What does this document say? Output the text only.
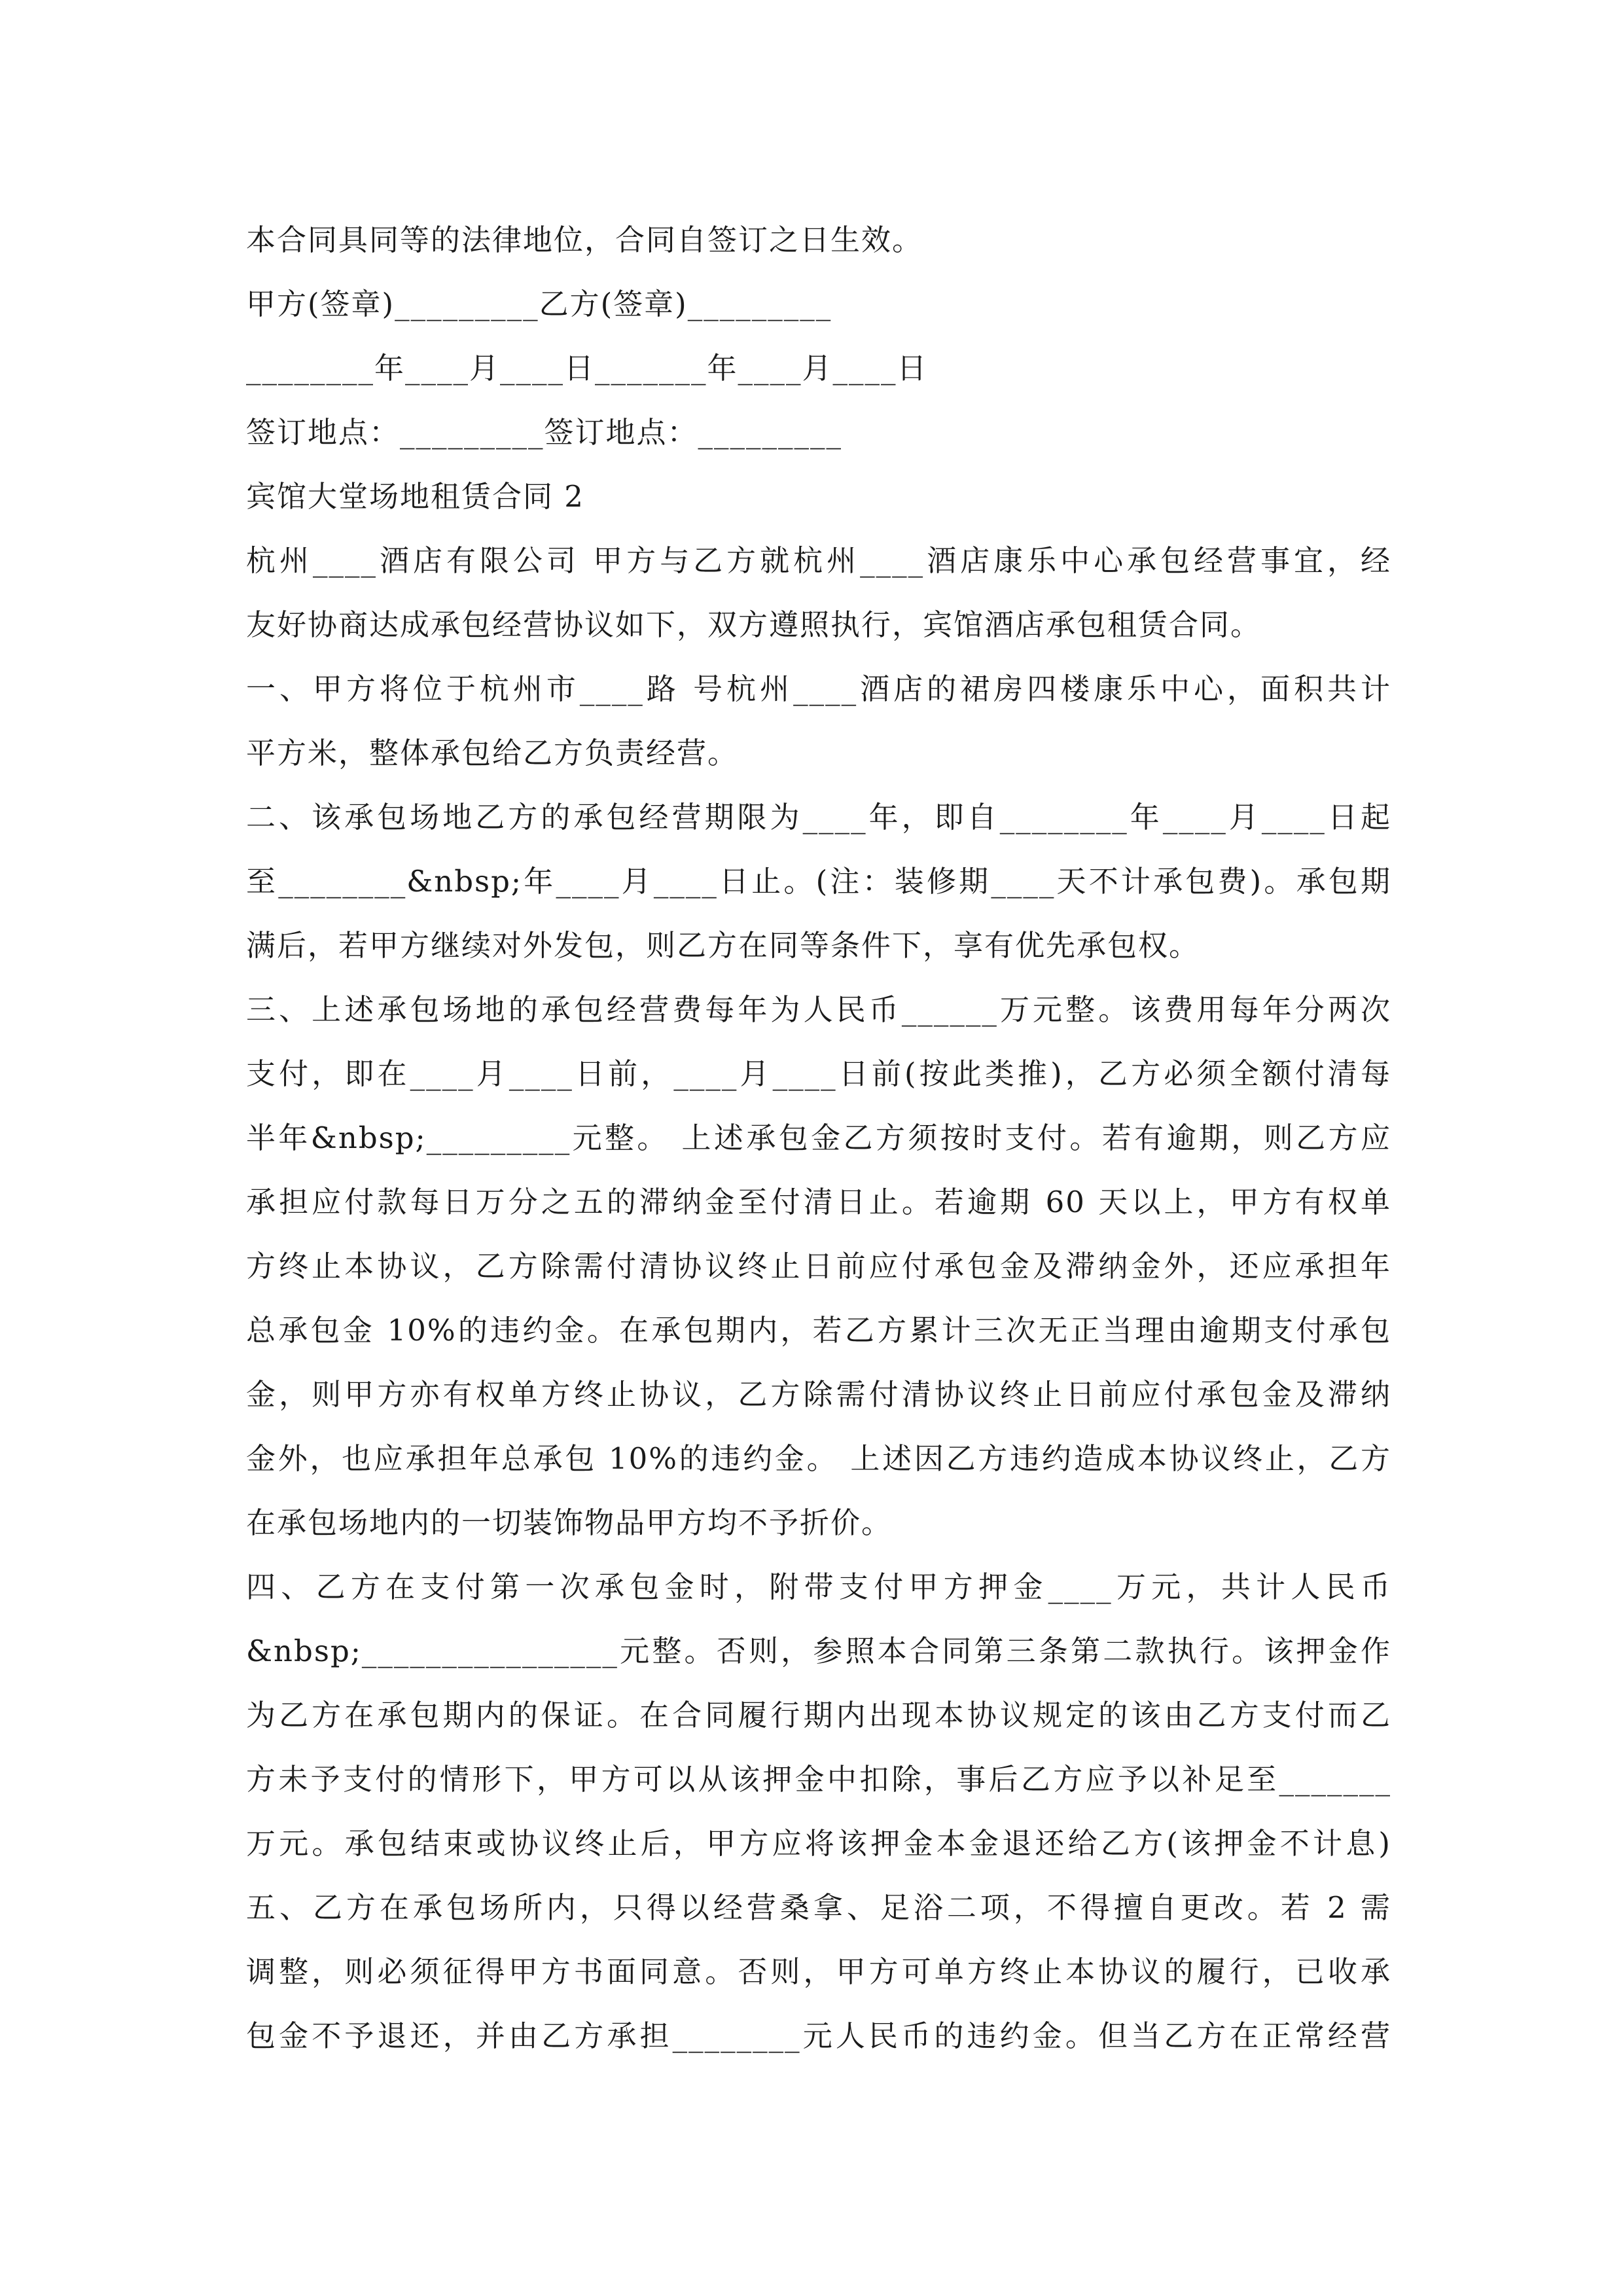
本合同具同等的法律地位，合同自签订之日生效。
甲方(签章)_________乙方(签章)_________
________年____月____日_______年____月____日
签订地点：_________签订地点：_________
宾馆大堂场地租赁合同 2
杭州____酒店有限公司 甲方与乙方就杭州____酒店康乐中心承包经营事宜，经
友好协商达成承包经营协议如下，双方遵照执行，宾馆酒店承包租赁合同。
一、甲方将位于杭州市____路 号杭州____酒店的裙房四楼康乐中心，面积共计
平方米，整体承包给乙方负责经营。
二、该承包场地乙方的承包经营期限为____年，即自________年____月____日起
至________&nbsp;年____月____日止。(注：装修期____天不计承包费)。承包期
满后，若甲方继续对外发包，则乙方在同等条件下，享有优先承包权。
三、上述承包场地的承包经营费每年为人民币______万元整。该费用每年分两次
支付，即在____月____日前，____月____日前(按此类推)，乙方必须全额付清每
半年&nbsp;_________元整。 上述承包金乙方须按时支付。若有逾期，则乙方应
承担应付款每日万分之五的滞纳金至付清日止。若逾期 60 天以上，甲方有权单
方终止本协议，乙方除需付清协议终止日前应付承包金及滞纳金外，还应承担年
总承包金 10%的违约金。在承包期内，若乙方累计三次无正当理由逾期支付承包
金，则甲方亦有权单方终止协议，乙方除需付清协议终止日前应付承包金及滞纳
金外，也应承担年总承包 10%的违约金。 上述因乙方违约造成本协议终止，乙方
在承包场地内的一切装饰物品甲方均不予折价。
四、乙方在支付第一次承包金时，附带支付甲方押金____万元，共计人民币
&nbsp;________________元整。否则，参照本合同第三条第二款执行。该押金作
为乙方在承包期内的保证。在合同履行期内出现本协议规定的该由乙方支付而乙
方未予支付的情形下，甲方可以从该押金中扣除，事后乙方应予以补足至_______
万元。承包结束或协议终止后，甲方应将该押金本金退还给乙方(该押金不计息)
五、乙方在承包场所内，只得以经营桑拿、足浴二项，不得擅自更改。若 2 需
调整，则必须征得甲方书面同意。否则，甲方可单方终止本协议的履行，已收承
包金不予退还，并由乙方承担________元人民币的违约金。但当乙方在正常经营
